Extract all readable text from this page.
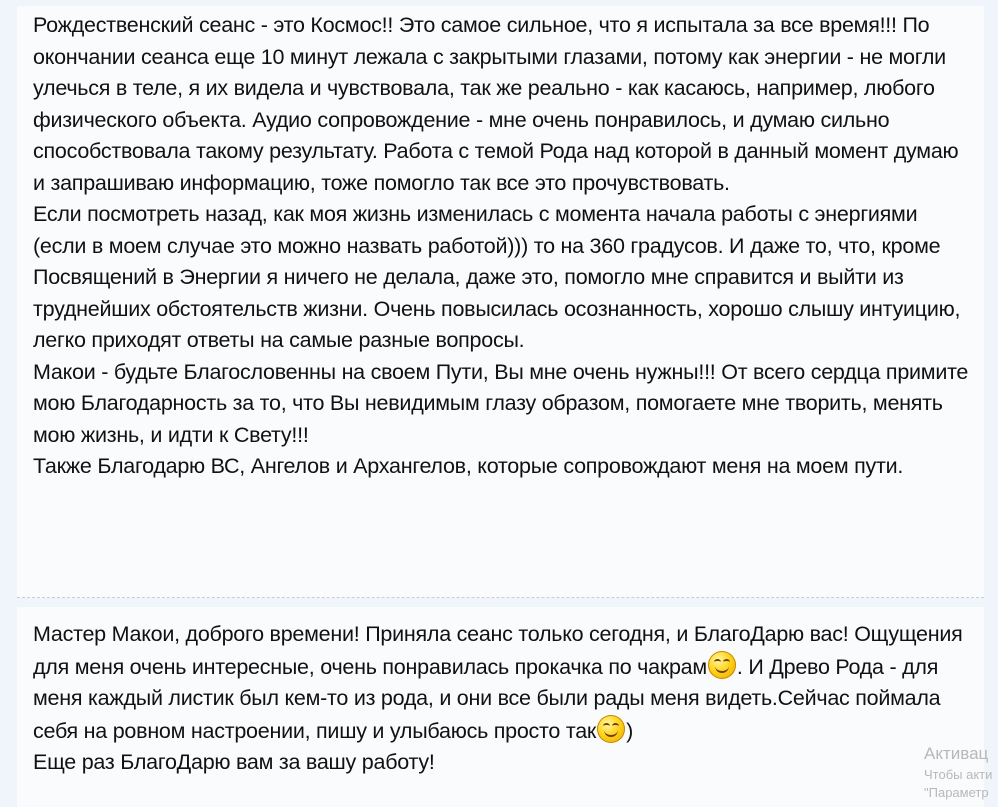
Рождественский сеанс - это Космос!! Это самое сильное, что я испытала за все время!!! По окончании сеанса еще 10 минут лежала с закрытыми глазами, потому как энергии - не могли улечься в теле, я их видела и чувствовала, так же реально - как касаюсь, например, любого физического объекта. Аудио сопровождение - мне очень понравилось, и думаю сильно способствовала такому результату. Работа с темой Рода над которой в данный момент думаю и запрашиваю информацию, тоже помогло так все это прочувствовать.

Если посмотреть назад, как моя жизнь изменилась с момента начала работы с энергиями (если в моем случае это можно назвать работой))) то на 360 градусов. И даже то, что, кроме Посвящений в Энергии я ничего не делала, даже это, помогло мне справится и выйти из труднейших обстоятельств жизни. Очень повысилась осознанность, хорошо слышу интуицию, легко приходят ответы на самые разные вопросы.

Макои - будьте Благословенны на своем Пути, Вы мне очень нужны!!! От всего сердца примите мою Благодарность за то, что Вы невидимым глазу образом, помогаете мне творить, менять мою жизнь, и идти к Свету!!!

Также Благодарю ВС, Ангелов и Архангелов, которые сопровождают меня на моем пути.

Мастер Макои, доброго времени! Приняла сеанс только сегодня, и БлагоДарю вас! Ощущения для меня очень интересные, очень понравилась прокачка по чакрам . И Древо Рода - для меня каждый листик был кем-то из рода, и они все были рады меня видеть.Сейчас поймала себя на ровном настроении, пишу и улыбаюсь просто так )
Еще раз БлагоДарю вам за вашу работу!	Активац
Чтобы акти
"Параметр
